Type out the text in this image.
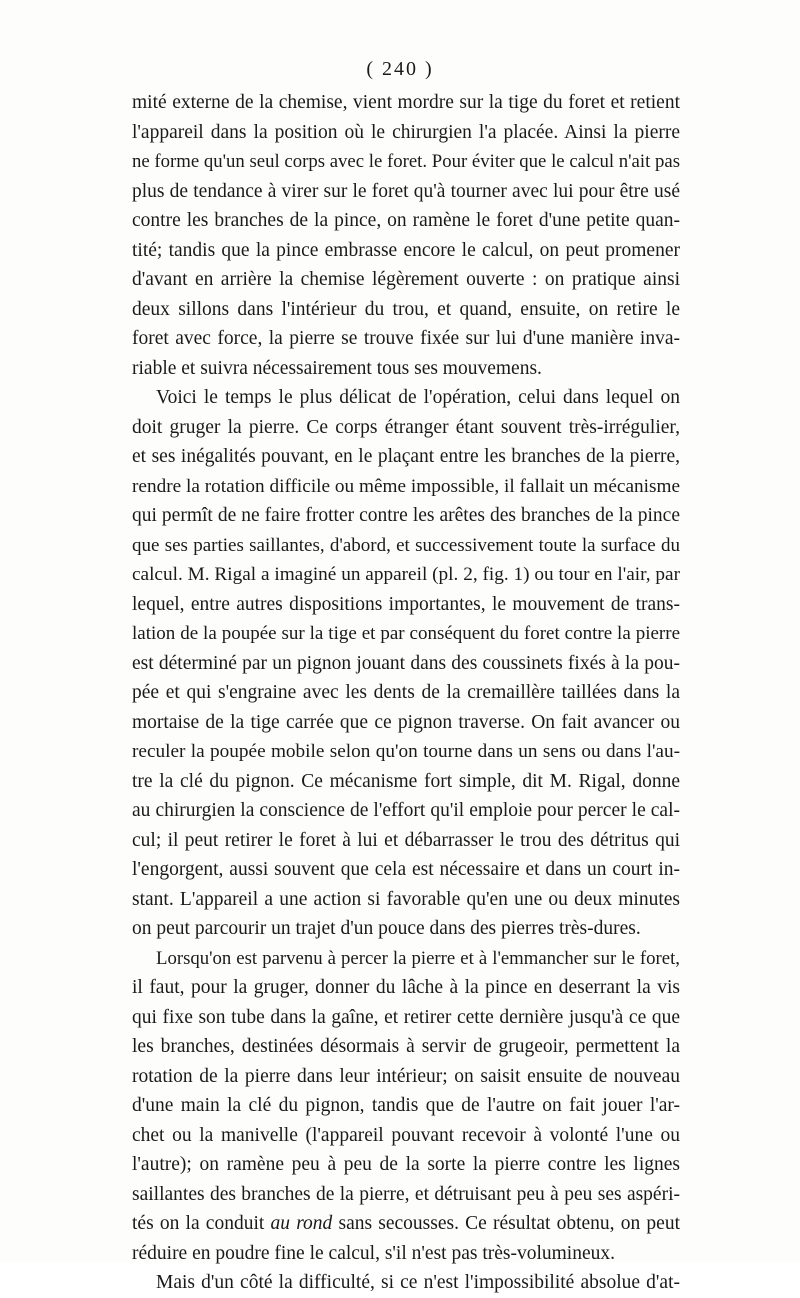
( 240 )
mité externe de la chemise, vient mordre sur la tige du foret et retient
l'appareil dans la position où le chirurgien l'a placée. Ainsi la pierre
ne forme qu'un seul corps avec le foret. Pour éviter que le calcul n'ait pas
plus de tendance à virer sur le foret qu'à tourner avec lui pour être usé
contre les branches de la pince, on ramène le foret d'une petite quan-
tité; tandis que la pince embrasse encore le calcul, on peut promener
d'avant en arrière la chemise légèrement ouverte : on pratique ainsi
deux sillons dans l'intérieur du trou, et quand, ensuite, on retire le
foret avec force, la pierre se trouve fixée sur lui d'une manière inva-
riable et suivra nécessairement tous ses mouvemens.
Voici le temps le plus délicat de l'opération, celui dans lequel on
doit gruger la pierre. Ce corps étranger étant souvent très-irrégulier,
et ses inégalités pouvant, en le plaçant entre les branches de la pierre,
rendre la rotation difficile ou même impossible, il fallait un mécanisme
qui permît de ne faire frotter contre les arêtes des branches de la pince
que ses parties saillantes, d'abord, et successivement toute la surface du
calcul. M. Rigal a imaginé un appareil (pl. 2, fig. 1) ou tour en l'air, par
lequel, entre autres dispositions importantes, le mouvement de trans-
lation de la poupée sur la tige et par conséquent du foret contre la pierre
est déterminé par un pignon jouant dans des coussinets fixés à la pou-
pée et qui s'engraine avec les dents de la cremaillère taillées dans la
mortaise de la tige carrée que ce pignon traverse. On fait avancer ou
reculer la poupée mobile selon qu'on tourne dans un sens ou dans l'au-
tre la clé du pignon. Ce mécanisme fort simple, dit M. Rigal, donne
au chirurgien la conscience de l'effort qu'il emploie pour percer le cal-
cul; il peut retirer le foret à lui et débarrasser le trou des détritus qui
l'engorgent, aussi souvent que cela est nécessaire et dans un court in-
stant. L'appareil a une action si favorable qu'en une ou deux minutes
on peut parcourir un trajet d'un pouce dans des pierres très-dures.
Lorsqu'on est parvenu à percer la pierre et à l'emmancher sur le foret,
il faut, pour la gruger, donner du lâche à la pince en deserrant la vis
qui fixe son tube dans la gaîne, et retirer cette dernière jusqu'à ce que
les branches, destinées désormais à servir de grugeoir, permettent la
rotation de la pierre dans leur intérieur; on saisit ensuite de nouveau
d'une main la clé du pignon, tandis que de l'autre on fait jouer l'ar-
chet ou la manivelle (l'appareil pouvant recevoir à volonté l'une ou
l'autre); on ramène peu à peu de la sorte la pierre contre les lignes
saillantes des branches de la pierre, et détruisant peu à peu ses aspéri-
tés on la conduit au rond sans secousses. Ce résultat obtenu, on peut
réduire en poudre fine le calcul, s'il n'est pas très-volumineux.
Mais d'un côté la difficulté, si ce n'est l'impossibilité absolue d'at-
